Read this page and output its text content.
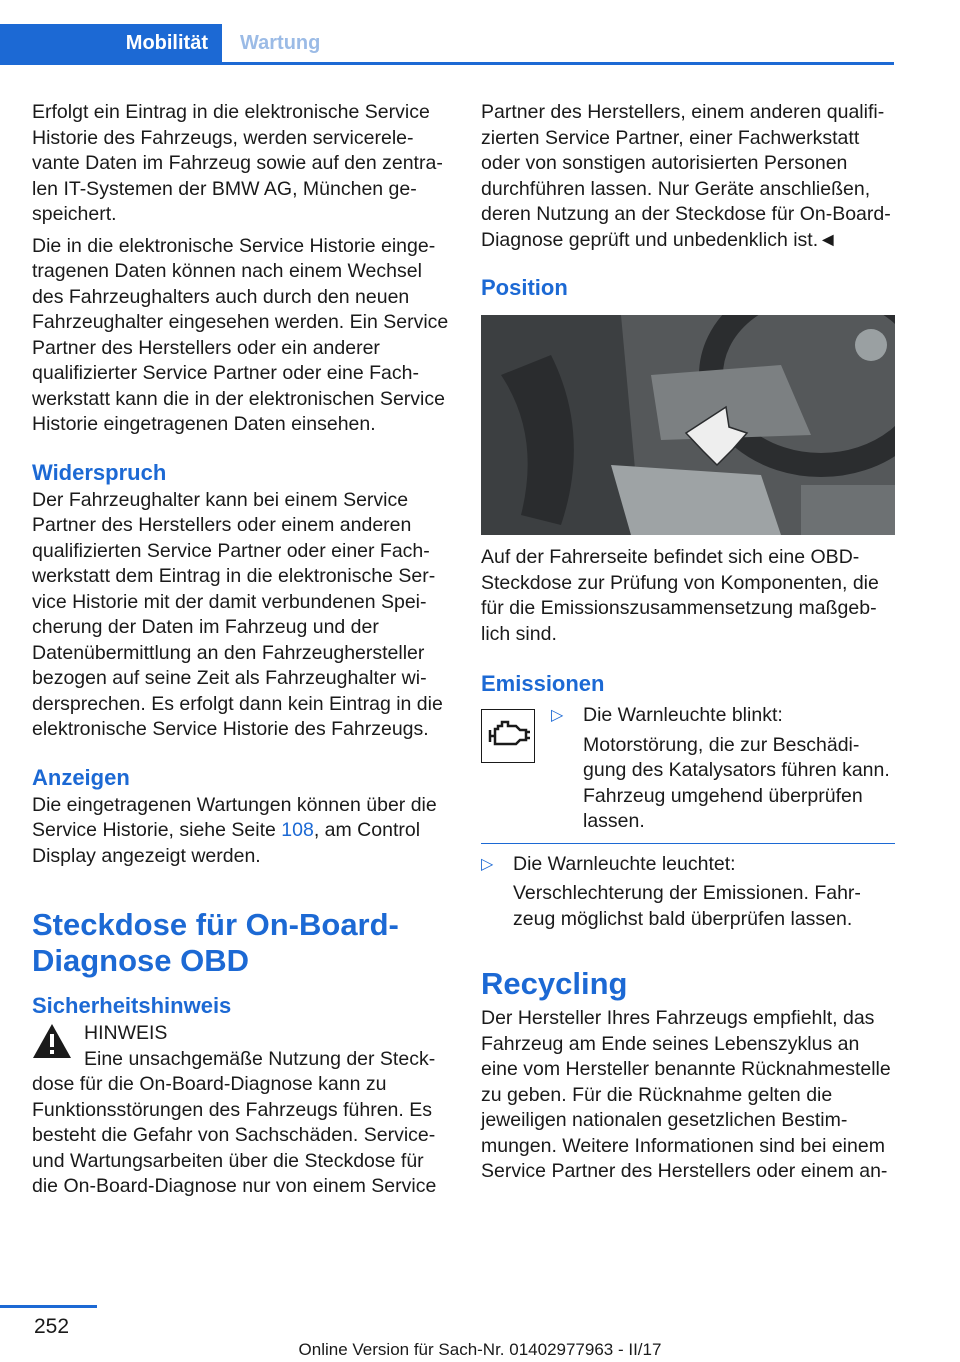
Mobilität	Wartung

Erfolgt ein Eintrag in die elektronische Service Historie des Fahrzeugs, werden servicerelevante Daten im Fahrzeug sowie auf den zentralen IT-Systemen der BMW AG, München gespeichert.

Die in die elektronische Service Historie eingetragenen Daten können nach einem Wechsel des Fahrzeughalters auch durch den neuen Fahrzeughalter eingesehen werden. Ein Service Partner des Herstellers oder ein anderer qualifizierter Service Partner oder eine Fachwerkstatt kann die in der elektronischen Service Historie eingetragenen Daten einsehen.

Widerspruch

Der Fahrzeughalter kann bei einem Service Partner des Herstellers oder einem anderen qualifizierten Service Partner oder einer Fachwerkstatt dem Eintrag in die elektronische Service Historie mit der damit verbundenen Speicherung der Daten im Fahrzeug und der Datenübermittlung an den Fahrzeughersteller bezogen auf seine Zeit als Fahrzeughalter widersprechen. Es erfolgt dann kein Eintrag in die elektronische Service Historie des Fahrzeugs.

Anzeigen

Die eingetragenen Wartungen können über die Service Historie, siehe Seite 108, am Control Display angezeigt werden.

Steckdose für On-Board-Diagnose OBD
Sicherheitshinweis
HINWEIS

Eine unsachgemäße Nutzung der Steckdose für die On-Board-Diagnose kann zu Funktionsstörungen des Fahrzeugs führen. Es besteht die Gefahr von Sachschäden. Service- und Wartungsarbeiten über die Steckdose für die On-Board-Diagnose nur von einem Service

Partner des Herstellers, einem anderen qualifizierten Service Partner, einer Fachwerkstatt oder von sonstigen autorisierten Personen durchführen lassen. Nur Geräte anschließen, deren Nutzung an der Steckdose für On-Board-Diagnose geprüft und unbedenklich ist.◄

Position

Auf der Fahrerseite befindet sich eine OBD-Steckdose zur Prüfung von Komponenten, die für die Emissionszusammensetzung maßgeblich sind.

Emissionen
▷ Die Warnleuchte blinkt:
Motorstörung, die zur Beschädigung des Katalysators führen kann. Fahrzeug umgehend überprüfen lassen.
▷ Die Warnleuchte leuchtet:
Verschlechterung der Emissionen. Fahrzeug möglichst bald überprüfen lassen.
Recycling

Der Hersteller Ihres Fahrzeugs empfiehlt, das Fahrzeug am Ende seines Lebenszyklus an eine vom Hersteller benannte Rücknahmestelle zu geben. Für die Rücknahme gelten die jeweiligen nationalen gesetzlichen Bestimmungen. Weitere Informationen sind bei einem Service Partner des Herstellers oder einem an-

252
Online Version für Sach-Nr. 01402977963 - II/17
